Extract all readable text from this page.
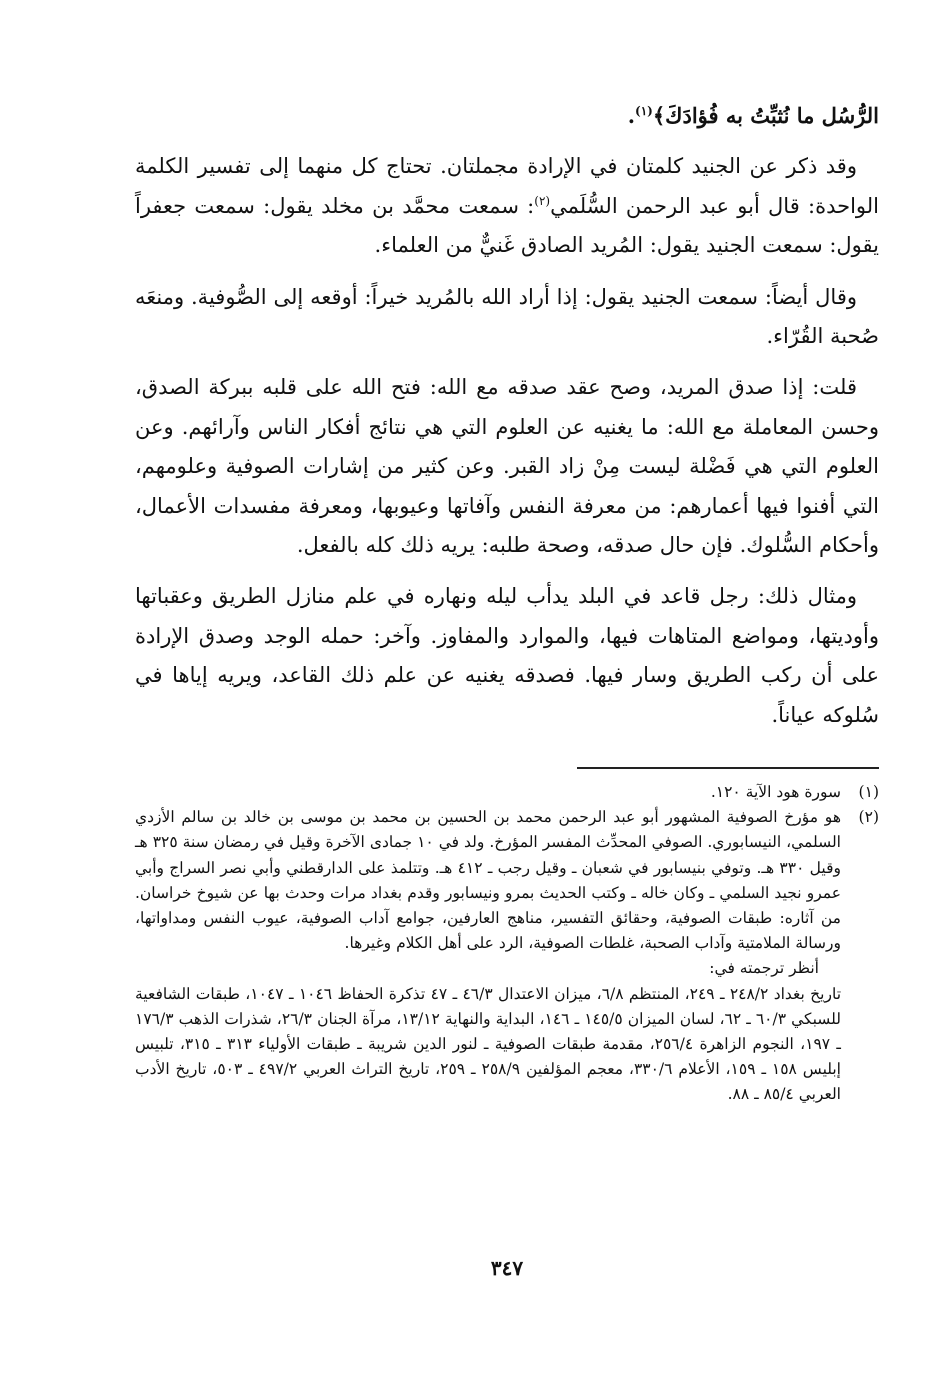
الرُّسُل ما نُثبِّتُ به فُؤادَكَ﴾$^{(١)}$.

وقد ذكر عن الجنيد كلمتان في الإرادة مجملتان. تحتاج كل منهما إلى تفسير الكلمة الواحدة: قال أبو عبد الرحمن السُّلَمي$^{(٢)}$: سمعت محمَّد بن مخلد يقول: سمعت جعفراً يقول: سمعت الجنيد يقول: المُريد الصادق غَنيٌّ من العلماء.

وقال أيضاً: سمعت الجنيد يقول: إذا أراد الله بالمُريد خيراً: أوقعه إلى الصُّوفية. ومنعَه صُحبة القُرّاء.

قلت: إذا صدق المريد، وصح عقد صدقه مع الله: فتح الله على قلبه ببركة الصدق، وحسن المعاملة مع الله: ما يغنيه عن العلوم التي هي نتائج أفكار الناس وآرائهم. وعن العلوم التي هي فَضْلة ليست مِنْ زاد القبر. وعن كثير من إشارات الصوفية وعلومهم، التي أفنوا فيها أعمارهم: من معرفة النفس وآفاتها وعيوبها، ومعرفة مفسدات الأعمال، وأحكام السُّلوك. فإن حال صدقه، وصحة طلبه: يريه ذلك كله بالفعل.

ومثال ذلك: رجل قاعد في البلد يدأب ليله ونهاره في علم منازل الطريق وعقباتها وأوديتها، ومواضع المتاهات فيها، والموارد والمفاوز. وآخر: حمله الوجد وصدق الإرادة على أن ركب الطريق وسار فيها. فصدقه يغنيه عن علم ذلك القاعد، ويريه إياها في سُلوكه عياناً.

(١)
سورة هود الآية ١٢٠.
(٢)

هو مؤرخ الصوفية المشهور أبو عبد الرحمن محمد بن الحسين بن محمد بن موسى بن خالد بن سالم الأزدي السلمي، النيسابوري. الصوفي المحدِّث المفسر المؤرخ. ولد في ١٠ جمادى الآخرة وقيل في رمضان سنة ٣٢٥ هـ وقيل ٣٣٠ هـ. وتوفي بنيسابور في شعبان ـ وقيل رجب ـ ٤١٢ هـ. وتتلمذ على الدارقطني وأبي نصر السراج وأبي عمرو نجيد السلمي ـ وكان خاله ـ وكتب الحديث بمرو ونيسابور وقدم بغداد مرات وحدث بها عن شيوخ خراسان. من آثاره: طبقات الصوفية، وحقائق التفسير، مناهج العارفين، جوامع آداب الصوفية، عيوب النفس ومداواتها، ورسالة الملامتية وآداب الصحبة، غلطات الصوفية، الرد على أهل الكلام وغيرها.

أنظر ترجمته في:

تاريخ بغداد ٢٤٨/٢ ـ ٢٤٩، المنتظم ٦/٨، ميزان الاعتدال ٤٦/٣ ـ ٤٧ تذكرة الحفاظ ١٠٤٦ ـ ١٠٤٧، طبقات الشافعية للسبكي ٦٠/٣ ـ ٦٢، لسان الميزان ١٤٥/٥ ـ ١٤٦، البداية والنهاية ١٣/١٢، مرآة الجنان ٢٦/٣، شذرات الذهب ١٧٦/٣ ـ ١٩٧، النجوم الزاهرة ٢٥٦/٤، مقدمة طبقات الصوفية ـ لنور الدين شريبة ـ طبقات الأولياء ٣١٣ ـ ٣١٥، تلبيس إبليس ١٥٨ ـ ١٥٩، الأعلام ٣٣٠/٦، معجم المؤلفين ٢٥٨/٩ ـ ٢٥٩، تاريخ التراث العربي ٤٩٧/٢ ـ ٥٠٣، تاريخ الأدب العربي ٨٥/٤ ـ ٨٨.

٣٤٧
